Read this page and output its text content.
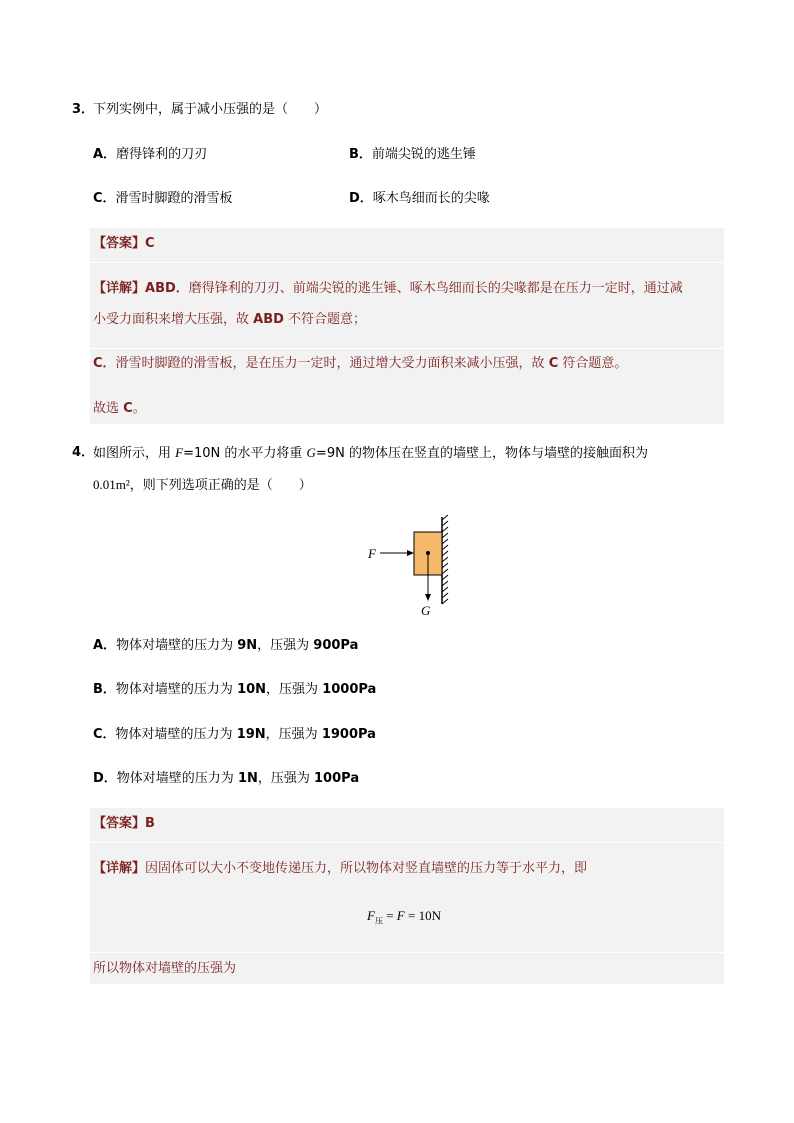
3．
下列实例中，属于减小压强的是（　　）
A．磨得锋利的刀刃	B．前端尖锐的逃生锤
C．滑雪时脚蹬的滑雪板	D．啄木鸟细而长的尖喙
【答案】C
【详解】ABD．磨得锋利的刀刃、前端尖锐的逃生锤、啄木鸟细而长的尖喙都是在压力一定时，通过减
小受力面积来增大压强，故 ABD 不符合题意；
C．滑雪时脚蹬的滑雪板，是在压力一定时，通过增大受力面积来减小压强，故 C 符合题意。
故选 C。
4．
如图所示，用 F=10N 的水平力将重 G=9N 的物体压在竖直的墙壁上，物体与墙壁的接触面积为
0.01m²，则下列选项正确的是（　　）
F
G
A．物体对墙壁的压力为 9N，压强为 900Pa
B．物体对墙壁的压力为 10N，压强为 1000Pa
C．物体对墙壁的压力为 19N，压强为 1900Pa
D．物体对墙壁的压力为 1N，压强为 100Pa
【答案】B
【详解】因固体可以大小不变地传递压力，所以物体对竖直墙壁的压力等于水平力，即
$F_压 = F = 10N$
所以物体对墙壁的压强为
